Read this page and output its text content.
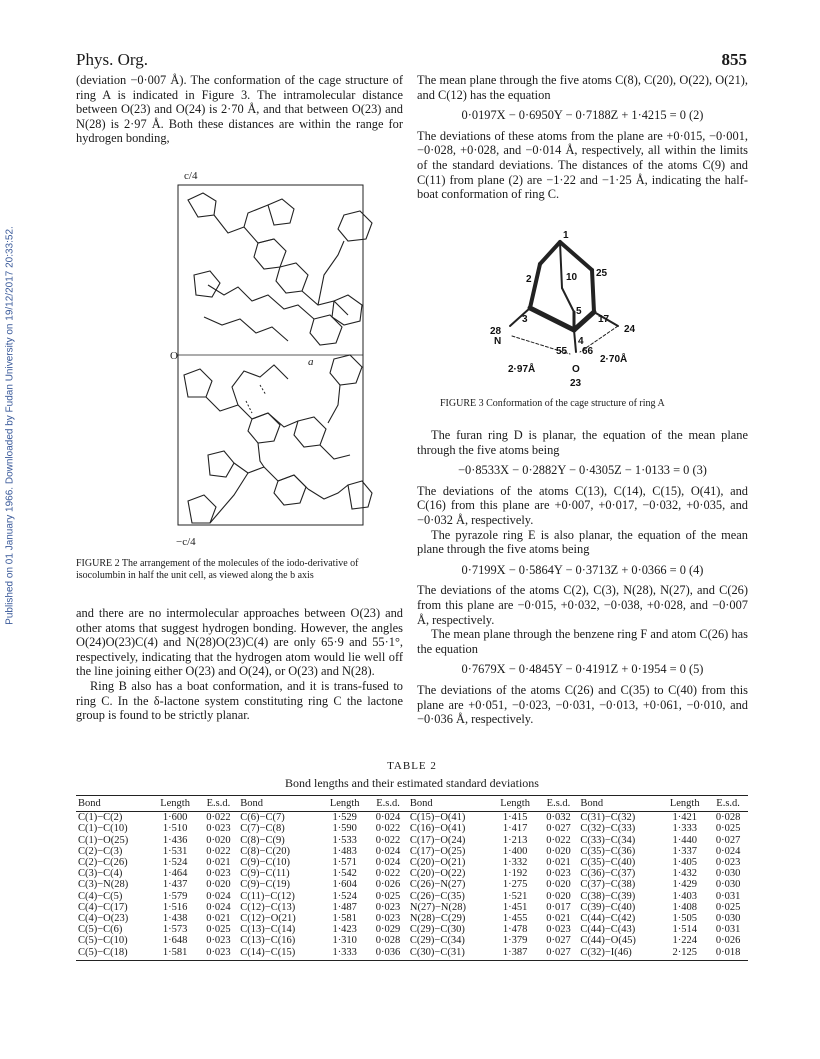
Phys. Org.	855
Published on 01 January 1966. Downloaded by Fudan University on 19/12/2017 20:33:52.

(deviation −0·007 Å). The conformation of the cage structure of ring A is indicated in Figure 3. The intramolecular distance between O(23) and O(24) is 2·70 Å, and that between O(23) and N(28) is 2·97 Å. Both these distances are within the range for hydrogen bonding,

c/4
−c/4
O	a
FIGURE 2 The arrangement of the molecules of the iodo-derivative of isocolumbin in half the unit cell, as viewed along the b axis

and there are no intermolecular approaches between O(23) and other atoms that suggest hydrogen bonding. However, the angles O(24)O(23)C(4) and N(28)O(23)C(4) are only 65·9 and 55·1°, respectively, indicating that the hydrogen atom would lie well off the line joining either O(23) and O(24), or O(23) and N(28).

Ring B also has a boat conformation, and it is trans-fused to ring C. In the δ-lactone system constituting ring C the lactone group is found to be strictly planar.

The mean plane through the five atoms C(8), C(20), O(22), O(21), and C(12) has the equation

0·0197X − 0·6950Y − 0·7188Z + 1·4215 = 0 (2)

The deviations of these atoms from the plane are +0·015, −0·001, −0·028, +0·028, and −0·014 Å, respectively, all within the limits of the standard deviations. The distances of the atoms C(9) and C(11) from plane (2) are −1·22 and −1·25 Å, indicating the half-boat conformation of ring C.

1
2	10 25
3
5
17
28
N
24
4
55 66
2·97Å
2·70Å
O
23
FIGURE 3 Conformation of the cage structure of ring A

The furan ring D is planar, the equation of the mean plane through the five atoms being

−0·8533X − 0·2882Y − 0·4305Z − 1·0133 = 0 (3)

The deviations of the atoms C(13), C(14), C(15), O(41), and C(16) from this plane are +0·007, +0·017, −0·032, +0·035, and −0·032 Å, respectively.

The pyrazole ring E is also planar, the equation of the mean plane through the five atoms being

0·7199X − 0·5864Y − 0·3713Z + 0·0366 = 0 (4)

The deviations of the atoms C(2), C(3), N(28), N(27), and C(26) from this plane are −0·015, +0·032, −0·038, +0·028, and −0·007 Å, respectively.

The mean plane through the benzene ring F and atom C(26) has the equation

0·7679X − 0·4845Y − 0·4191Z + 0·1954 = 0 (5)

The deviations of the atoms C(26) and C(35) to C(40) from this plane are +0·051, −0·023, −0·031, −0·013, +0·061, −0·010, and −0·036 Å, respectively.

TABLE 2
Bond lengths and their estimated standard deviations
Bond	Length	E.s.d.	Bond	Length	E.s.d.	Bond	Length	E.s.d.	Bond	Length	E.s.d.
C(1)−C(2)	1·600	0·022	C(6)−C(7)	1·529	0·024	C(15)−O(41)	1·415	0·032	C(31)−C(32)	1·421	0·028
C(1)−C(10)	1·510	0·023	C(7)−C(8)	1·590	0·022	C(16)−O(41)	1·417	0·027	C(32)−C(33)	1·333	0·025
C(1)−O(25)	1·436	0·020	C(8)−C(9)	1·533	0·022	C(17)−O(24)	1·213	0·022	C(33)−C(34)	1·440	0·027
C(2)−C(3)	1·531	0·022	C(8)−C(20)	1·483	0·024	C(17)−O(25)	1·400	0·020	C(35)−C(36)	1·337	0·024
C(2)−C(26)	1·524	0·021	C(9)−C(10)	1·571	0·024	C(20)−O(21)	1·332	0·021	C(35)−C(40)	1·405	0·023
C(3)−C(4)	1·464	0·023	C(9)−C(11)	1·542	0·022	C(20)−O(22)	1·192	0·023	C(36)−C(37)	1·432	0·030
C(3)−N(28)	1·437	0·020	C(9)−C(19)	1·604	0·026	C(26)−N(27)	1·275	0·020	C(37)−C(38)	1·429	0·030
C(4)−C(5)	1·579	0·024	C(11)−C(12)	1·524	0·025	C(26)−C(35)	1·521	0·020	C(38)−C(39)	1·403	0·031
C(4)−C(17)	1·516	0·024	C(12)−C(13)	1·487	0·023	N(27)−N(28)	1·451	0·017	C(39)−C(40)	1·408	0·025
C(4)−O(23)	1·438	0·021	C(12)−O(21)	1·581	0·023	N(28)−C(29)	1·455	0·021	C(44)−C(42)	1·505	0·030
C(5)−C(6)	1·573	0·025	C(13)−C(14)	1·423	0·029	C(29)−C(30)	1·478	0·023	C(44)−C(43)	1·514	0·031
C(5)−C(10)	1·648	0·023	C(13)−C(16)	1·310	0·028	C(29)−C(34)	1·379	0·027	C(44)−O(45)	1·224	0·026
C(5)−C(18)	1·581	0·023	C(14)−C(15)	1·333	0·036	C(30)−C(31)	1·387	0·027	C(32)−I(46)	2·125	0·018
